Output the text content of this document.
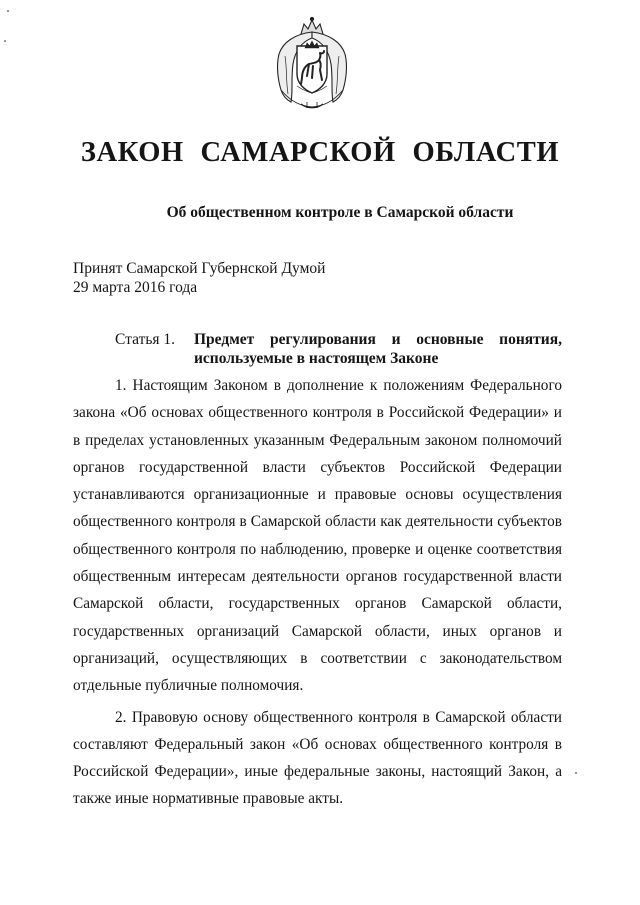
ЗАКОН САМАРСКОЙ ОБЛАСТИ
Об общественном контроле в Самарской области
Принят Самарской Губернской Думой
29 марта 2016 года
Статья 1. Предмет регулирования и основные понятия, используемые в настоящем Законе

1. Настоящим Законом в дополнение к положениям Федерального закона «Об основах общественного контроля в Российской Федерации» и в пределах установленных указанным Федеральным законом полномочий органов государственной власти субъектов Российской Федерации устанавливаются организационные и правовые основы осуществления общественного контроля в Самарской области как деятельности субъектов общественного контроля по наблюдению, проверке и оценке соответствия общественным интересам деятельности органов государственной власти Самарской области, государственных органов Самарской области, государственных организаций Самарской области, иных органов и организаций, осуществляющих в соответствии с законодательством отдельные публичные полномочия.

2. Правовую основу общественного контроля в Самарской области составляют Федеральный закон «Об основах общественного контроля в Российской Федерации», иные федеральные законы, настоящий Закон, а также иные нормативные правовые акты.
